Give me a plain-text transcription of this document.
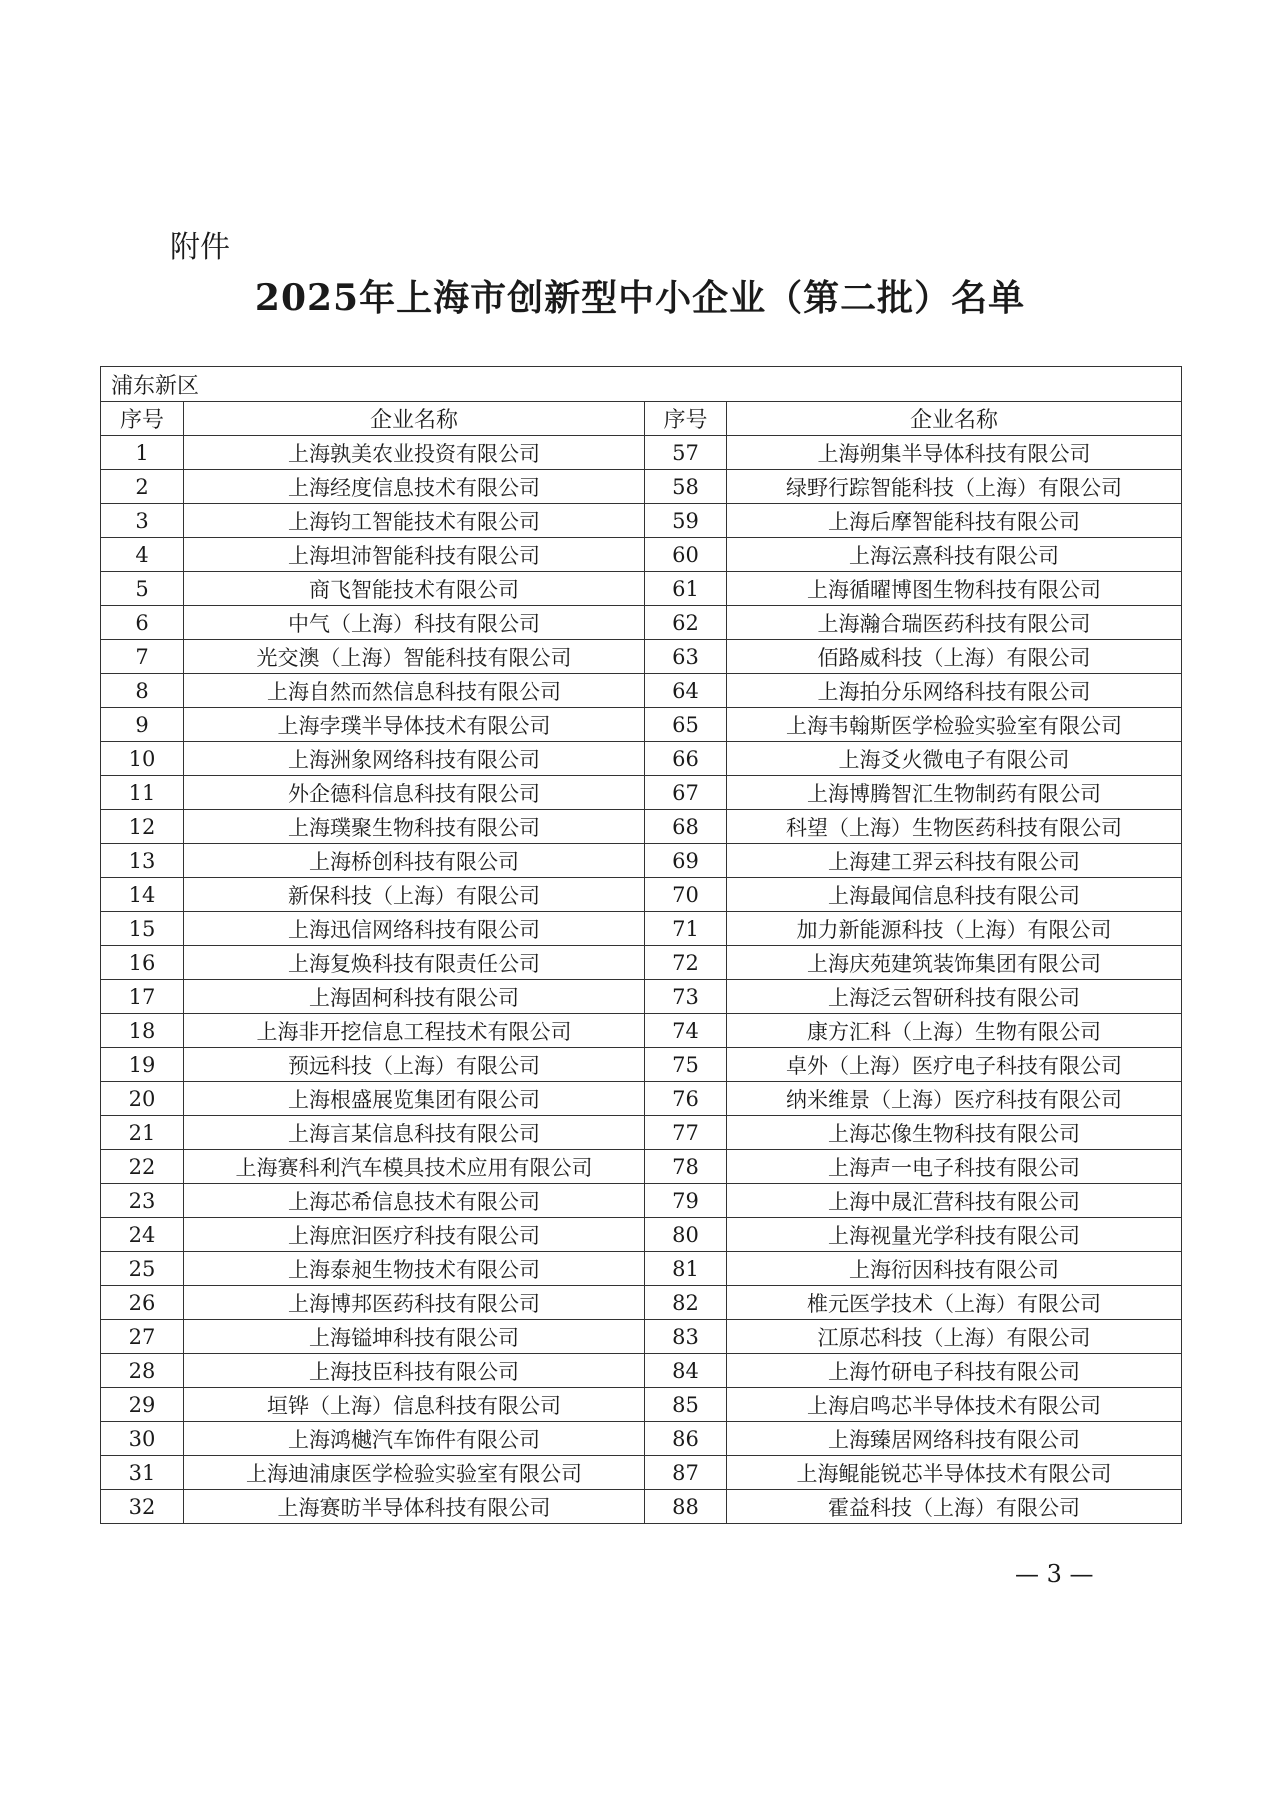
附件
2025年上海市创新型中小企业（第二批）名单
浦东新区			
序号	企业名称	序号	企业名称
1	上海孰美农业投资有限公司	57	上海朔集半导体科技有限公司
2	上海经度信息技术有限公司	58	绿野行踪智能科技（上海）有限公司
3	上海钧工智能技术有限公司	59	上海后摩智能科技有限公司
4	上海坦沛智能科技有限公司	60	上海沄熹科技有限公司
5	商飞智能技术有限公司	61	上海循曜博图生物科技有限公司
6	中气（上海）科技有限公司	62	上海瀚合瑞医药科技有限公司
7	光交澳（上海）智能科技有限公司	63	佰路威科技（上海）有限公司
8	上海自然而然信息科技有限公司	64	上海拍分乐网络科技有限公司
9	上海孛璞半导体技术有限公司	65	上海韦翰斯医学检验实验室有限公司
10	上海洲象网络科技有限公司	66	上海爻火微电子有限公司
11	外企德科信息科技有限公司	67	上海博腾智汇生物制药有限公司
12	上海璞聚生物科技有限公司	68	科望（上海）生物医药科技有限公司
13	上海桥创科技有限公司	69	上海建工羿云科技有限公司
14	新保科技（上海）有限公司	70	上海最闻信息科技有限公司
15	上海迅信网络科技有限公司	71	加力新能源科技（上海）有限公司
16	上海复焕科技有限责任公司	72	上海庆苑建筑装饰集团有限公司
17	上海固柯科技有限公司	73	上海泛云智研科技有限公司
18	上海非开挖信息工程技术有限公司	74	康方汇科（上海）生物有限公司
19	预远科技（上海）有限公司	75	卓外（上海）医疗电子科技有限公司
20	上海根盛展览集团有限公司	76	纳米维景（上海）医疗科技有限公司
21	上海言某信息科技有限公司	77	上海芯像生物科技有限公司
22	上海赛科利汽车模具技术应用有限公司	78	上海声一电子科技有限公司
23	上海芯希信息技术有限公司	79	上海中晟汇营科技有限公司
24	上海庶汩医疗科技有限公司	80	上海视量光学科技有限公司
25	上海泰昶生物技术有限公司	81	上海衍因科技有限公司
26	上海博邦医药科技有限公司	82	椎元医学技术（上海）有限公司
27	上海镒坤科技有限公司	83	江原芯科技（上海）有限公司
28	上海技臣科技有限公司	84	上海竹研电子科技有限公司
29	垣铧（上海）信息科技有限公司	85	上海启鸣芯半导体技术有限公司
30	上海鸿樾汽车饰件有限公司	86	上海臻居网络科技有限公司
31	上海迪浦康医学检验实验室有限公司	87	上海鲲能锐芯半导体技术有限公司
32	上海赛昉半导体科技有限公司	88	霍益科技（上海）有限公司
— 3 —
